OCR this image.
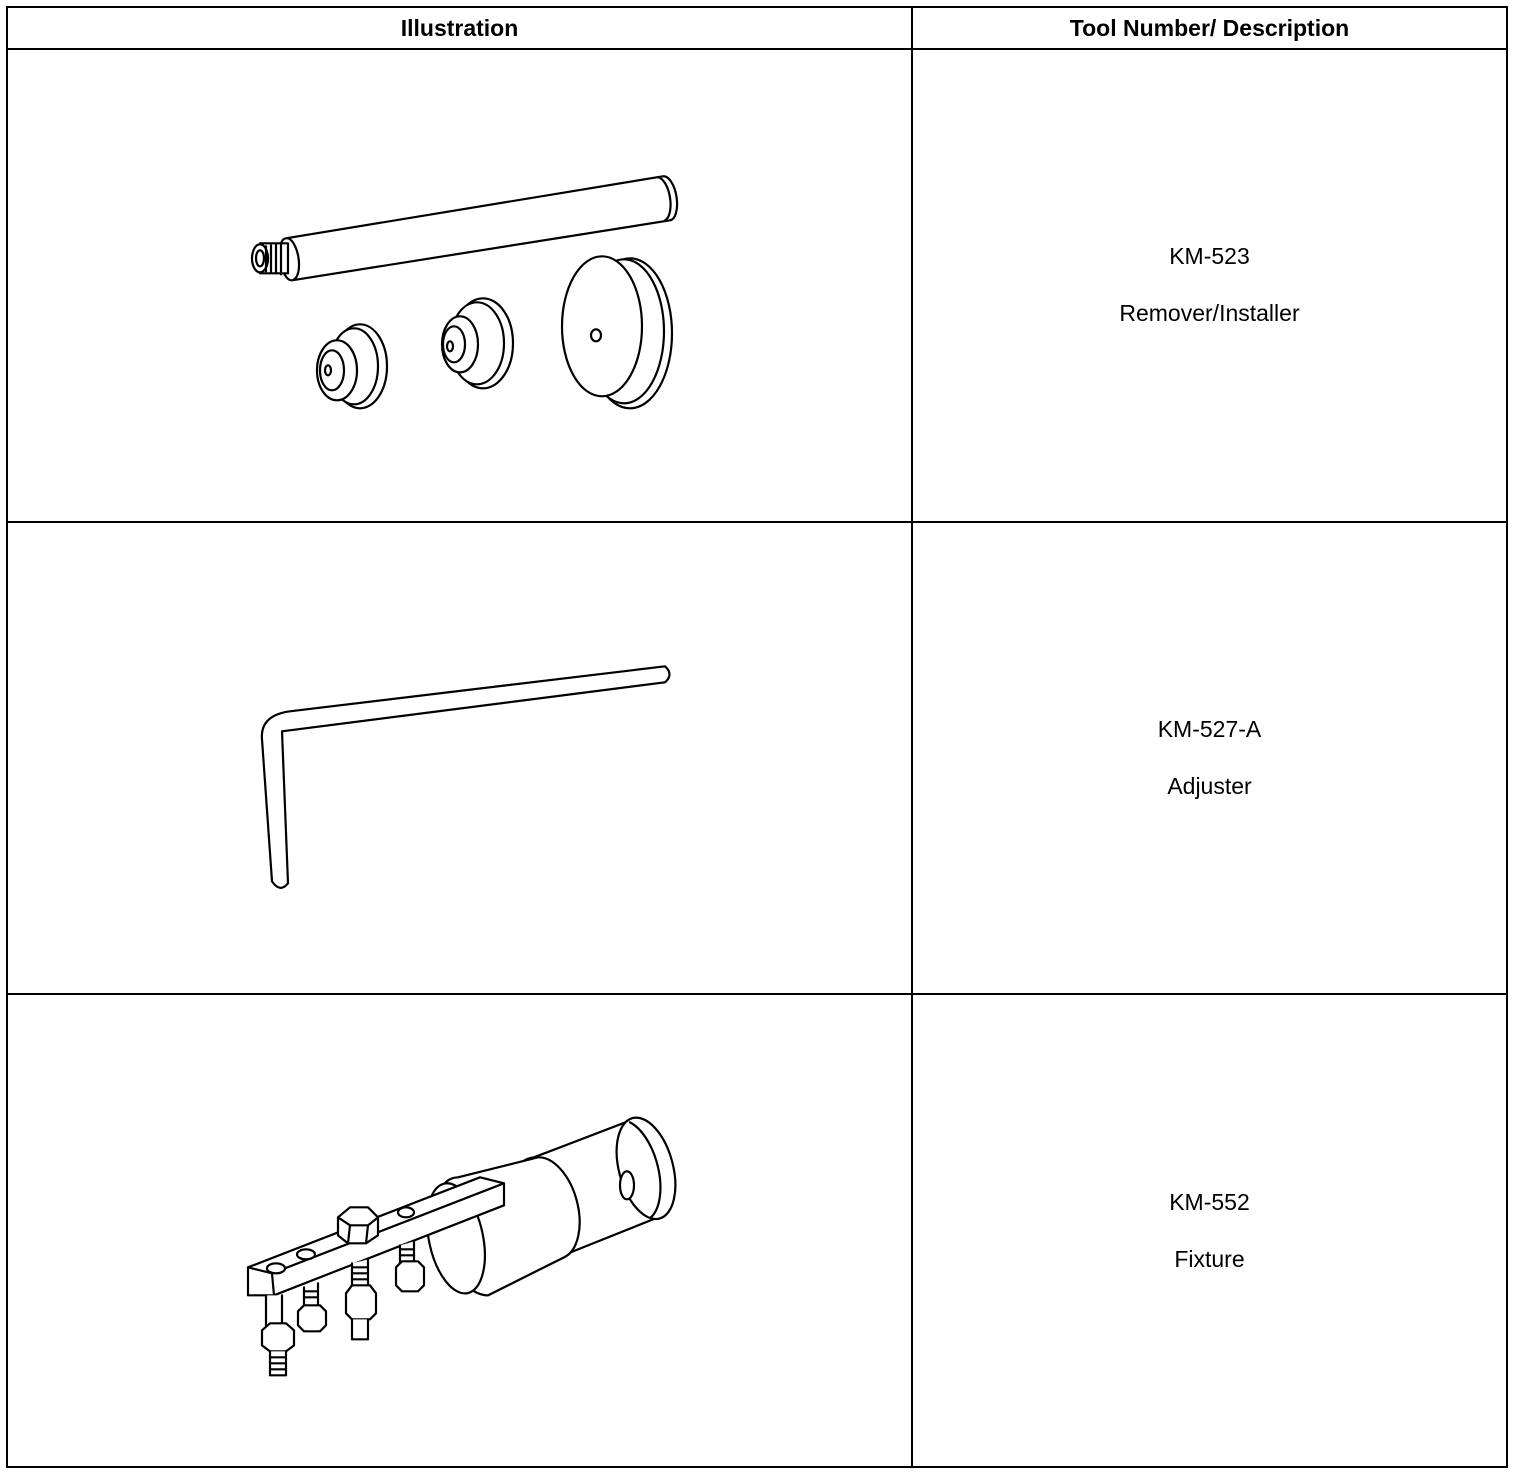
Illustration	Tool Number/ Description

KM-523
Remover/Installer

KM-527-A
Adjuster

KM-552
Fixture
